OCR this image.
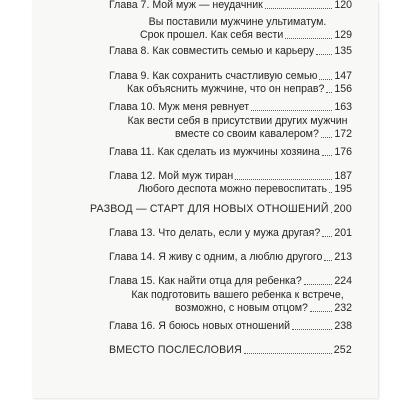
Глава 7. Мой муж — неудачник	120
Вы поставили мужчине ультиматум.
Срок прошел. Как себя вести	129
Глава 8. Как совместить семью и карьеру 135
Глава 9. Как сохранить счастливую семью 147
Как объяснить мужчине, что он неправ? 156
Глава 10. Муж меня ревнует	163
Как вести себя в присутствии других мужчин
вместе со своим кавалером? 172
Глава 11. Как сделать из мужчины хозяина 176
Глава 12. Мой муж тиран	187
Любого деспота можно перевоспитать 195
РАЗВОД — СТАРТ ДЛЯ НОВЫХ ОТНОШЕНИЙ 200
Глава 13. Что делать, если у мужа другая? 201
Глава 14. Я живу с одним, а люблю другого 213
Глава 15. Как найти отца для ребенка?	224
Как подготовить вашего ребенка к встрече,
возможно, с новым отцом? 232
Глава 16. Я боюсь новых отношений	238
ВМЕСТО ПОСЛЕСЛОВИЯ	252
